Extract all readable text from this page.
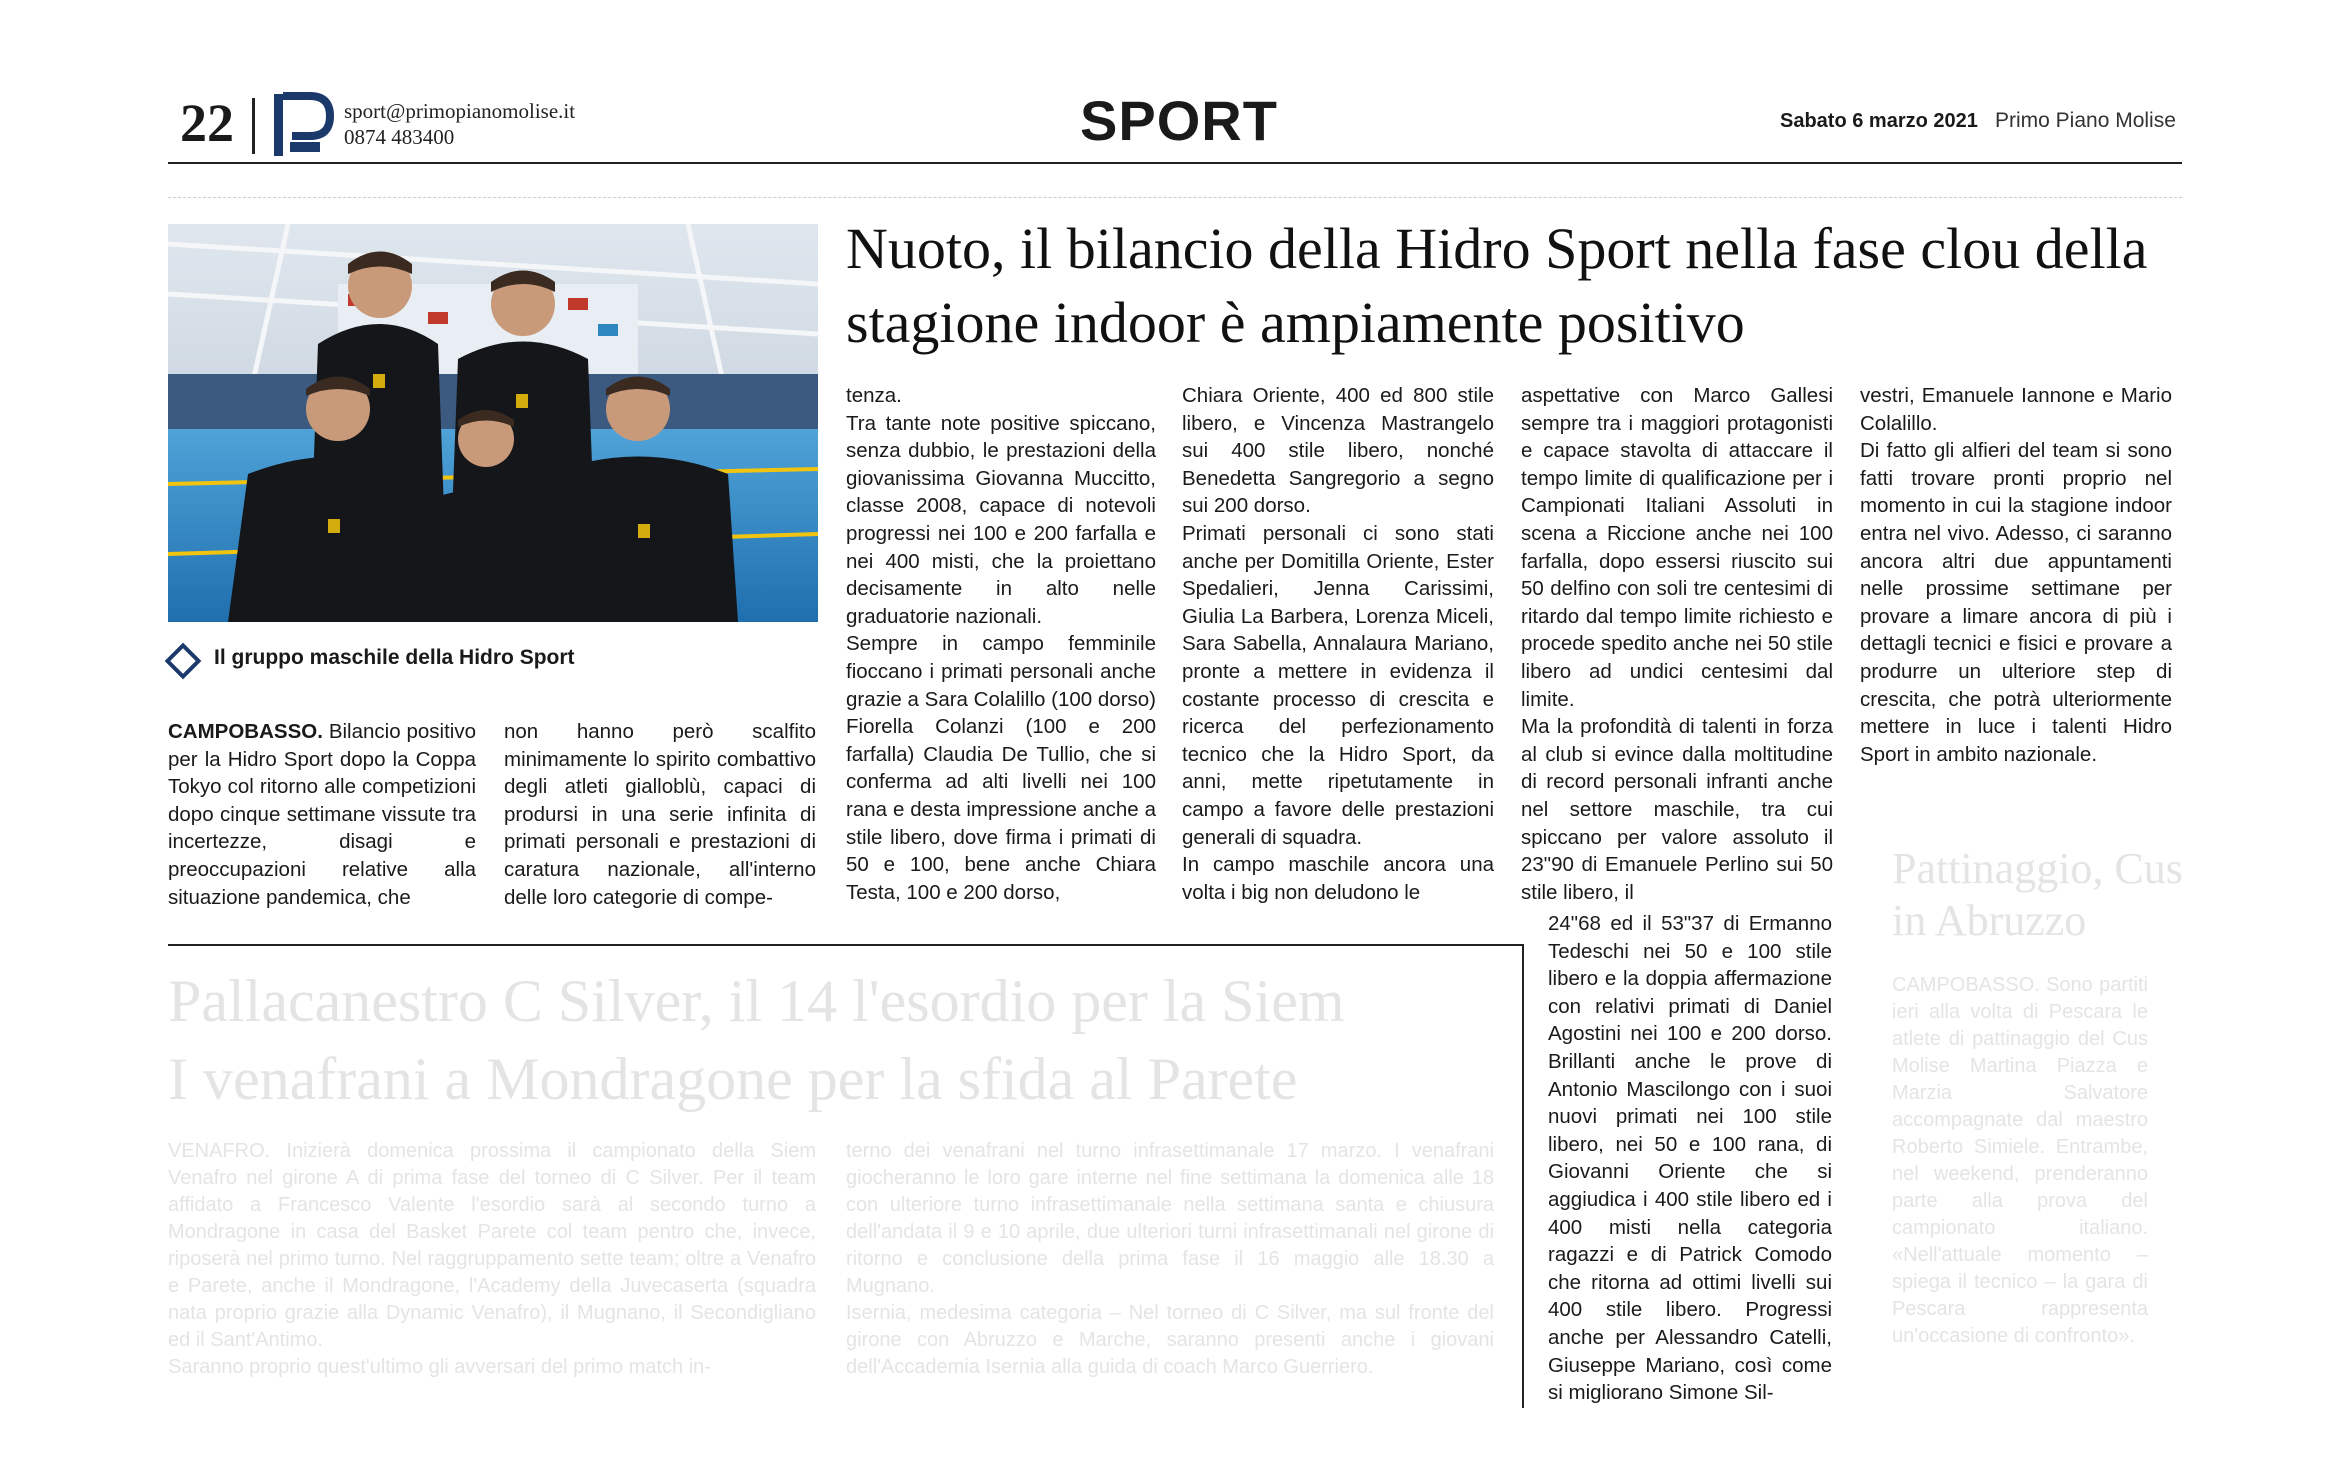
22	sport@primopianomolise.it
0874 483400	SPORT	Sabato 6 marzo 2021 Primo Piano Molise
Il gruppo maschile della Hidro Sport
Nuoto, il bilancio della Hidro Sport nella fase clou della stagione indoor è ampiamente positivo
CAMPOBASSO. Bilancio positivo per la Hidro Sport dopo la Coppa Tokyo col ritorno alle competizioni dopo cinque settimane vissute tra incertezze, disagi e preoccupazioni relative alla situazione pandemica, che
non hanno però scalfito minimamente lo spirito combattivo degli atleti gialloblù, capaci di prodursi in una serie infinita di primati personali e prestazioni di caratura nazionale, all'interno delle loro categorie di compe-
tenza.
Tra tante note positive spiccano, senza dubbio, le prestazioni della giovanissima Giovanna Muccitto, classe 2008, capace di notevoli progressi nei 100 e 200 farfalla e nei 400 misti, che la proiettano decisamente in alto nelle graduatorie nazionali.
Sempre in campo femminile fioccano i primati personali anche grazie a Sara Colalillo (100 dorso) Fiorella Colanzi (100 e 200 farfalla) Claudia De Tullio, che si conferma ad alti livelli nei 100 rana e desta impressione anche a stile libero, dove firma i primati di 50 e 100, bene anche Chiara Testa, 100 e 200 dorso,
Chiara Oriente, 400 ed 800 stile libero, e Vincenza Mastrangelo sui 400 stile libero, nonché Benedetta Sangregorio a segno sui 200 dorso.
Primati personali ci sono stati anche per Domitilla Oriente, Ester Spedalieri, Jenna Carissimi, Giulia La Barbera, Lorenza Miceli, Sara Sabella, Annalaura Mariano, pronte a mettere in evidenza il costante processo di crescita e ricerca del perfezionamento tecnico che la Hidro Sport, da anni, mette ripetutamente in campo a favore delle prestazioni generali di squadra.
In campo maschile ancora una volta i big non deludono le
aspettative con Marco Gallesi sempre tra i maggiori protagonisti e capace stavolta di attaccare il tempo limite di qualificazione per i Campionati Italiani Assoluti in scena a Riccione anche nei 100 farfalla, dopo essersi riuscito sui 50 delfino con soli tre centesimi di ritardo dal tempo limite richiesto e procede spedito anche nei 50 stile libero ad undici centesimi dal limite.
Ma la profondità di talenti in forza al club si evince dalla moltitudine di record personali infranti anche nel settore maschile, tra cui spiccano per valore assoluto il 23"90 di Emanuele Perlino sui 50 stile libero, il
24"68 ed il 53"37 di Ermanno Tedeschi nei 50 e 100 stile libero e la doppia affermazione con relativi primati di Daniel Agostini nei 100 e 200 dorso. Brillanti anche le prove di Antonio Mascilongo con i suoi nuovi primati nei 100 stile libero, nei 50 e 100 rana, di Giovanni Oriente che si aggiudica i 400 stile libero ed i 400 misti nella categoria ragazzi e di Patrick Comodo che ritorna ad ottimi livelli sui 400 stile libero. Progressi anche per Alessandro Catelli, Giuseppe Mariano, così come si migliorano Simone Sil-
vestri, Emanuele Iannone e Mario Colalillo.
Di fatto gli alfieri del team si sono fatti trovare pronti proprio nel momento in cui la stagione indoor entra nel vivo. Adesso, ci saranno ancora altri due appuntamenti nelle prossime settimane per provare a limare ancora di più i dettagli tecnici e fisici e provare a produrre un ulteriore step di crescita, che potrà ulteriormente mettere in luce i talenti Hidro Sport in ambito nazionale.
Pallacanestro C Silver, il 14 l'esordio per la Siem
I venafrani a Mondragone per la sfida al Parete
VENAFRO. Inizierà domenica prossima il campionato della Siem Venafro nel girone A di prima fase del torneo di C Silver. Per il team affidato a Francesco Valente l'esordio sarà al secondo turno a Mondragone in casa del Basket Parete col team pentro che, invece, riposerà nel primo turno. Nel raggruppamento sette team; oltre a Venafro e Parete, anche il Mondragone, l'Academy della Juvecaserta (squadra nata proprio grazie alla Dynamic Venafro), il Mugnano, il Secondigliano ed il Sant'Antimo.
Saranno proprio quest'ultimo gli avversari del primo match in-
terno dei venafrani nel turno infrasettimanale 17 marzo. I venafrani giocheranno le loro gare interne nel fine settimana la domenica alle 18 con ulteriore turno infrasettimanale nella settimana santa e chiusura dell'andata il 9 e 10 aprile, due ulteriori turni infrasettimanali nel girone di ritorno e conclusione della prima fase il 16 maggio alle 18.30 a Mugnano.
Isernia, medesima categoria – Nel torneo di C Silver, ma sul fronte del girone con Abruzzo e Marche, saranno presenti anche i giovani dell'Accademia Isernia alla guida di coach Marco Guerriero.
Pattinaggio, Cus in Abruzzo
CAMPOBASSO. Sono partiti ieri alla volta di Pescara le atlete di pattinaggio del Cus Molise Martina Piazza e Marzia Salvatore accompagnate dal maestro Roberto Simiele. Entrambe, nel weekend, prenderanno parte alla prova del campionato italiano. «Nell'attuale momento – spiega il tecnico – la gara di Pescara rappresenta un'occasione di confronto».
